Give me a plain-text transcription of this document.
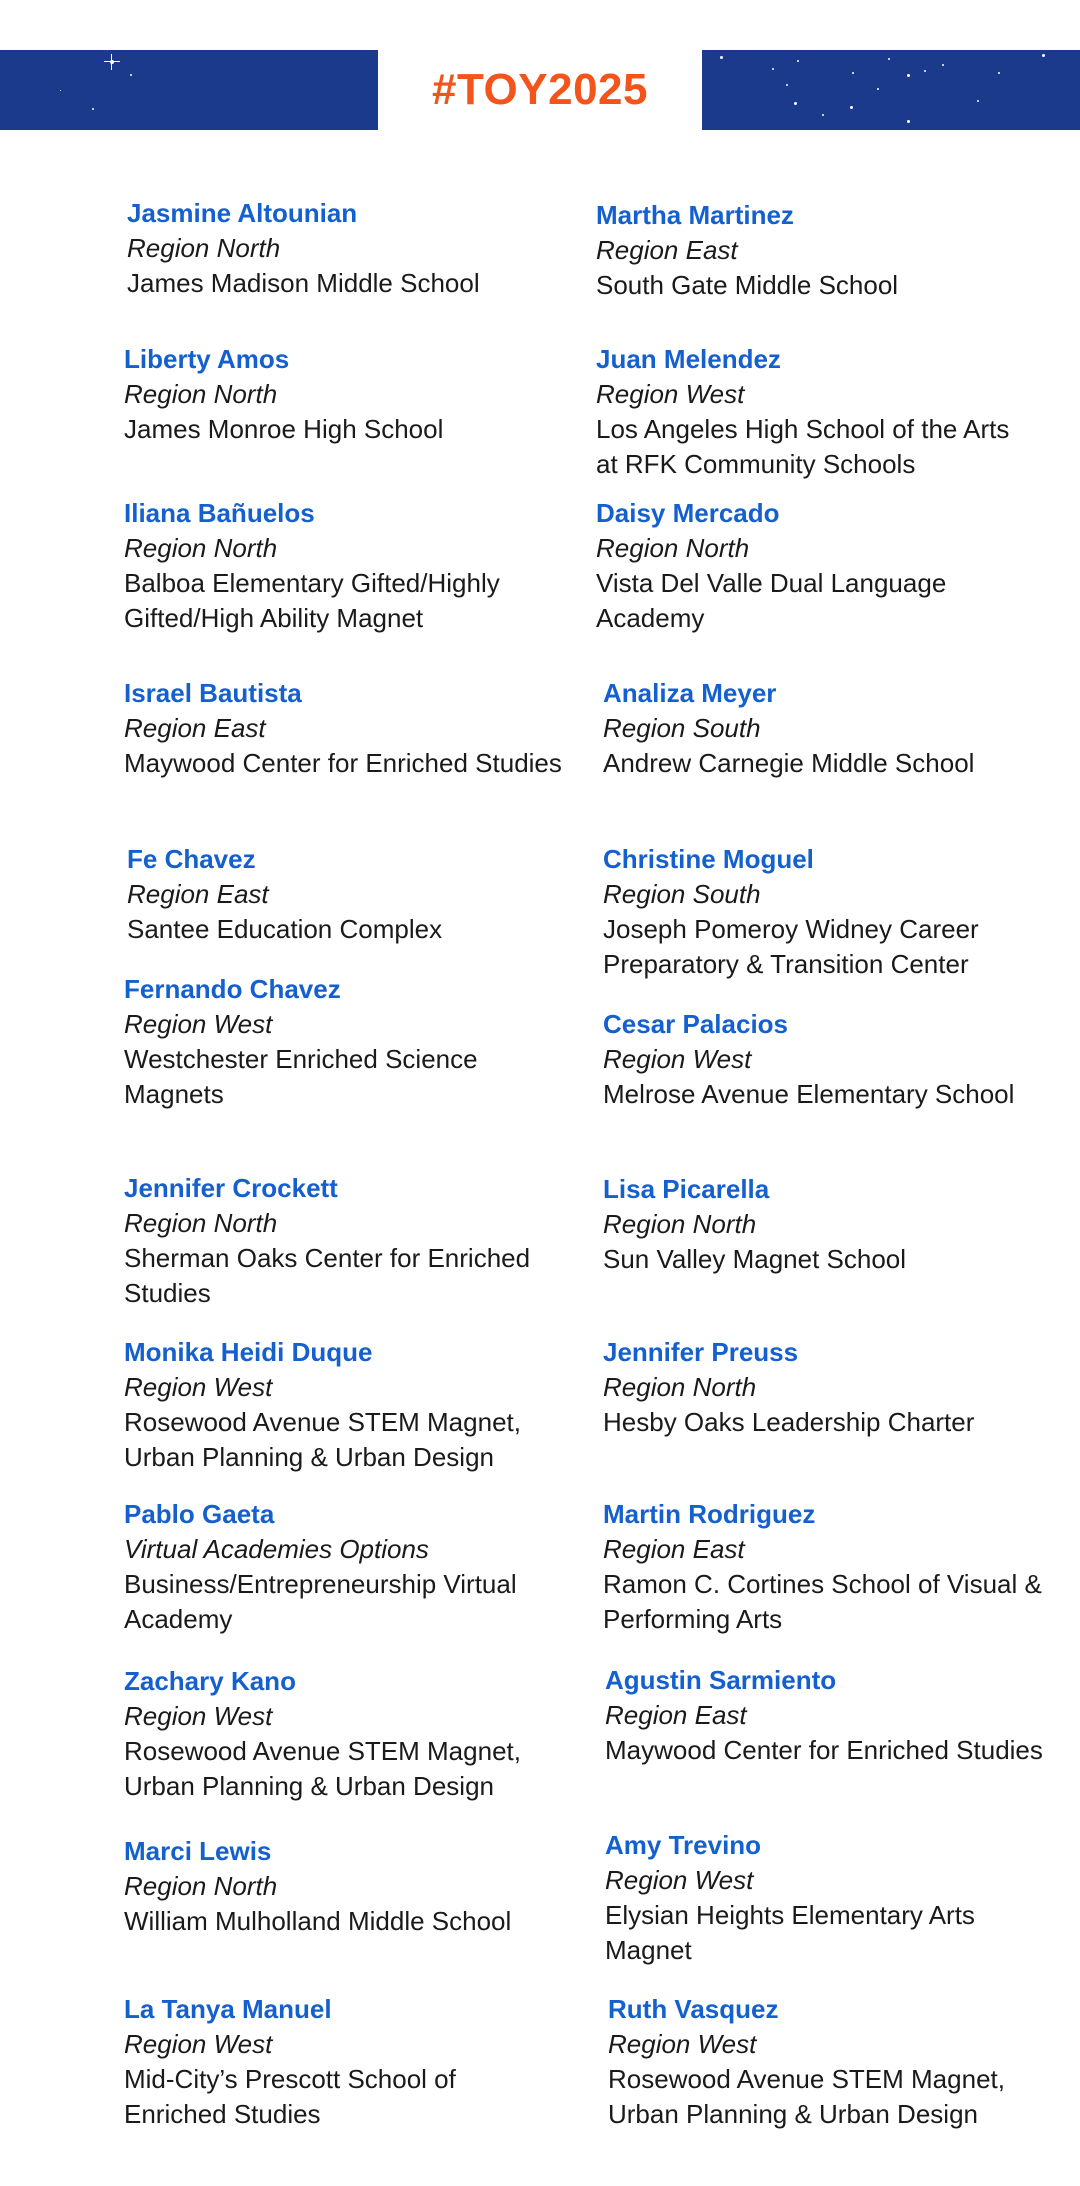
#TOY2025
Jasmine Altounian
Region North
James Madison Middle School
Liberty Amos
Region North
James Monroe High School
Iliana Bañuelos
Region North
Balboa Elementary Gifted/Highly Gifted/High Ability Magnet
Israel Bautista
Region East
Maywood Center for Enriched Studies
Fe Chavez
Region East
Santee Education Complex
Fernando Chavez
Region West
Westchester Enriched Science Magnets
Jennifer Crockett
Region North
Sherman Oaks Center for Enriched Studies
Monika Heidi Duque
Region West
Rosewood Avenue STEM Magnet, Urban Planning & Urban Design
Pablo Gaeta
Virtual Academies Options
Business/Entrepreneurship Virtual Academy
Zachary Kano
Region West
Rosewood Avenue STEM Magnet, Urban Planning & Urban Design
Marci Lewis
Region North
William Mulholland Middle School
La Tanya Manuel
Region West
Mid-City’s Prescott School of Enriched Studies
Martha Martinez
Region East
South Gate Middle School
Juan Melendez
Region West
Los Angeles High School of the Arts at RFK Community Schools
Daisy Mercado
Region North
Vista Del Valle Dual Language Academy
Analiza Meyer
Region South
Andrew Carnegie Middle School
Christine Moguel
Region South
Joseph Pomeroy Widney Career Preparatory & Transition Center
Cesar Palacios
Region West
Melrose Avenue Elementary School
Lisa Picarella
Region North
Sun Valley Magnet School
Jennifer Preuss
Region North
Hesby Oaks Leadership Charter
Martin Rodriguez
Region East
Ramon C. Cortines School of Visual & Performing Arts
Agustin Sarmiento
Region East
Maywood Center for Enriched Studies
Amy Trevino
Region West
Elysian Heights Elementary Arts Magnet
Ruth Vasquez
Region West
Rosewood Avenue STEM Magnet, Urban Planning & Urban Design
